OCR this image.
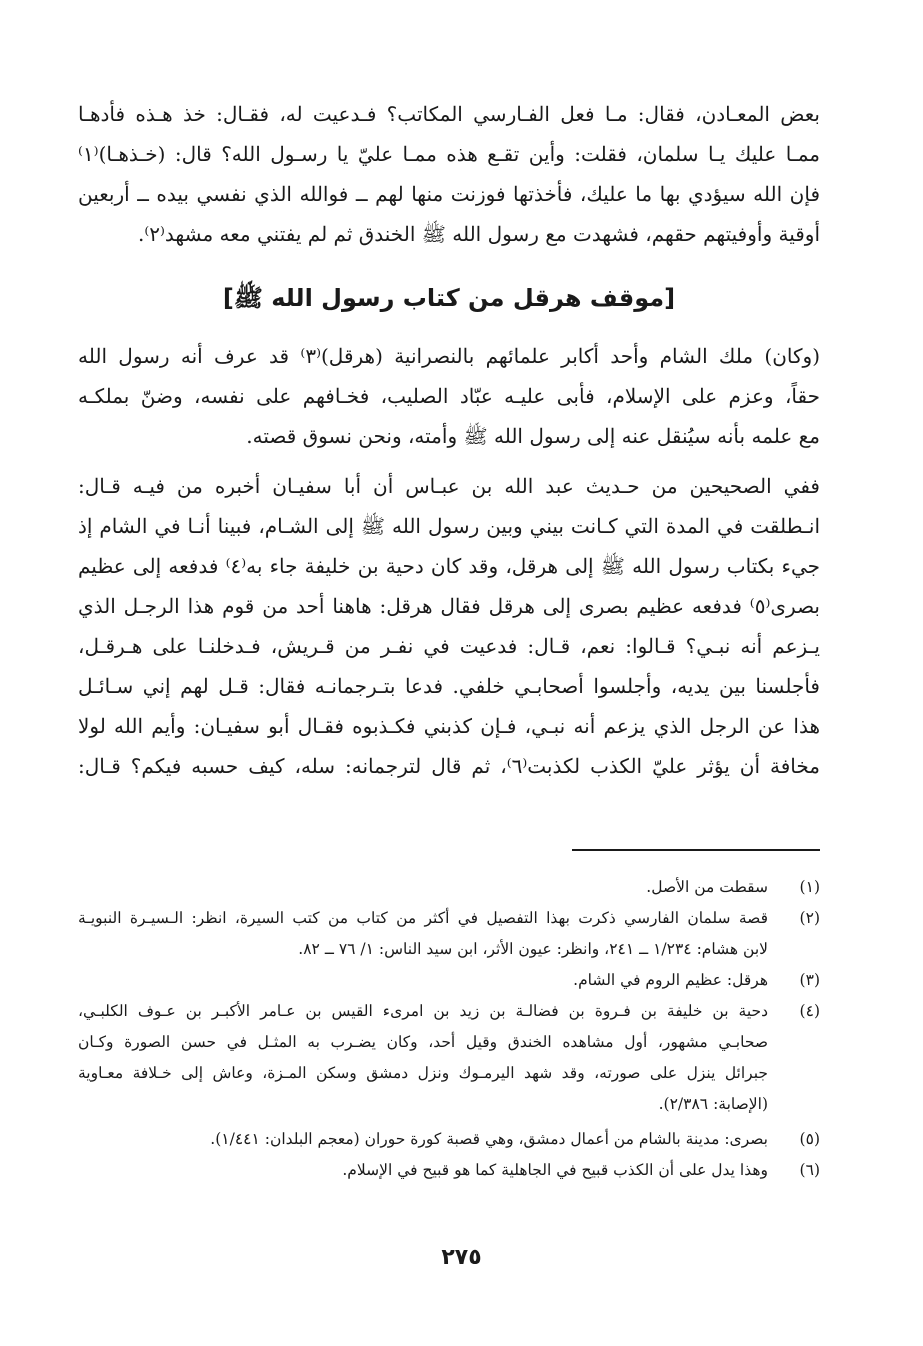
بعض المعـادن، فقال: مـا فعل الفـارسي المكاتب؟ فـدعيت له، فقـال: خذ هـذه فأدهـا
ممـا عليك يـا سلمان، فقلت: وأين تقـع هذه ممـا عليّ يا رسـول الله؟ قال: (خـذهـا)⁽١⁾
فإن الله سيؤدي بها ما عليك، فأخذتها فوزنت منها لهم ــ فوالله الذي نفسي بيده ــ أربعين
أوقية وأوفيتهم حقهم، فشهدت مع رسول الله ﷺ الخندق ثم لم يفتني معه مشهد⁽٢⁾.
[موقف هرقل من كتاب رسول الله ﷺ]
(وكان) ملك الشام وأحد أكابر علمائهم بالنصرانية (هرقل)⁽٣⁾ قد عرف أنه رسول الله
حقاً، وعزم على الإسلام، فأبى عليـه عبّاد الصليب، فخـافهم على نفسه، وضنّ بملكـه
مع علمه بأنه سيُنقل عنه إلى رسول الله ﷺ وأمته، ونحن نسوق قصته.
ففي الصحيحين من حـديث عبد الله بن عبـاس أن أبا سفيـان أخبره من فيـه قـال:
انـطلقت في المدة التي كـانت بيني وبين رسول الله ﷺ إلى الشـام، فبينا أنـا في الشام إذ
جيء بكتاب رسول الله ﷺ إلى هرقل، وقد كان دحية بن خليفة جاء به⁽٤⁾ فدفعه إلى عظيم
بصرى⁽٥⁾ فدفعه عظيم بصرى إلى هرقل فقال هرقل: هاهنا أحد من قوم هذا الرجـل الذي
يـزعم أنه نبـي؟ قـالوا: نعم، قـال: فدعيت في نفـر من قـريش، فـدخلنـا على هـرقـل،
فأجلسنا بين يديه، وأجلسوا أصحابـي خلفي. فدعا بتـرجمانـه فقال: قـل لهم إني سـائـل
هذا عن الرجل الذي يزعم أنه نبـي، فـإن كذبني فكـذبوه فقـال أبو سفيـان: وأيم الله لولا
مخافة أن يؤثر عليّ الكذب لكذبت⁽٦⁾، ثم قال لترجمانه: سله، كيف حسبه فيكم؟ قـال:
(١)
سقطت من الأصل.
(٢)
قصة سلمان الفارسي ذكرت بهذا التفصيل في أكثر من كتاب من كتب السيرة، انظر: الـسيـرة النبويـة
لابن هشام: ١/٢٣٤ ــ ٢٤١، وانظر: عيون الأثر، ابن سيد الناس: ١/ ٧٦ ــ ٨٢.
(٣)
هرقل: عظيم الروم في الشام.
(٤)
دحية بن خليفة بن فـروة بن فضالـة بن زيد بن امرىء القيس بن عـامر الأكبـر بن عـوف الكلبـي،
صحابـي مشهور، أول مشاهده الخندق وقيل أحد، وكان يضـرب به المثـل في حسن الصورة وكـان
جبرائل ينزل على صورته، وقد شهد اليرمـوك ونزل دمشق وسكن المـزة، وعاش إلى خـلافة معـاوية
(الإصابة: ٢/٣٨٦).
(٥)
بصرى: مدينة بالشام من أعمال دمشق، وهي قصبة كورة حوران (معجم البلدان: ١/٤٤١).
(٦)
وهذا يدل على أن الكذب قبيح في الجاهلية كما هو قبيح في الإسلام.
٢٧٥
